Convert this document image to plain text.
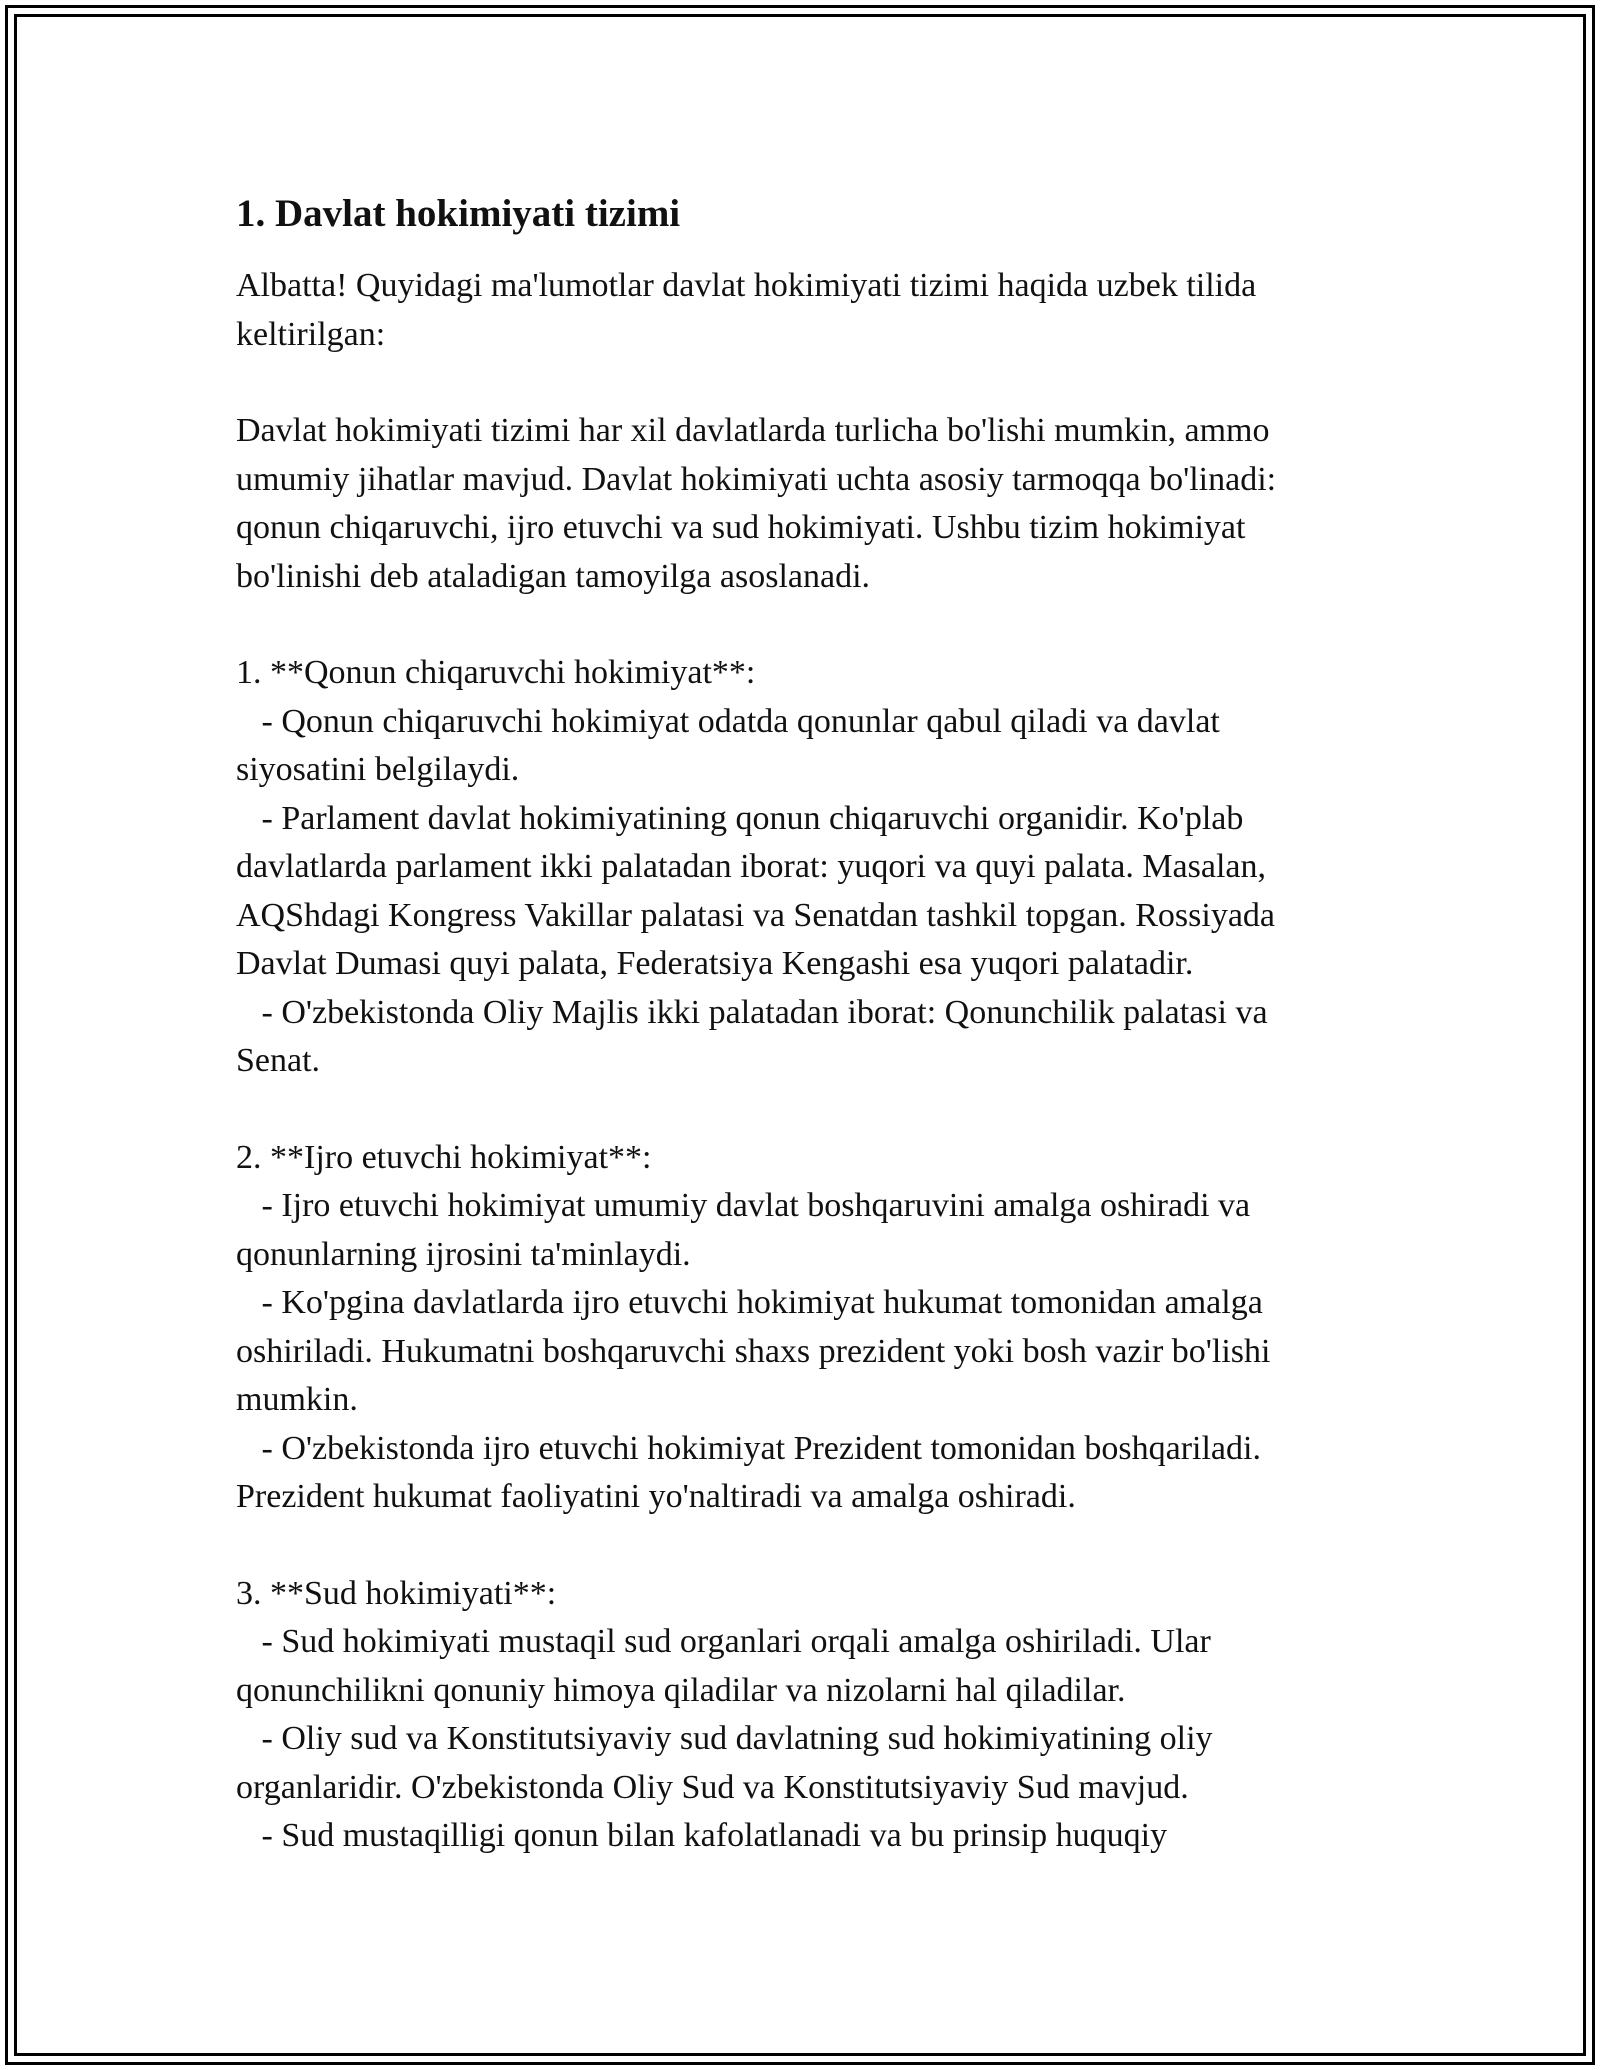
1. Davlat hokimiyati tizimi
Albatta! Quyidagi ma'lumotlar davlat hokimiyati tizimi haqida uzbek tilida
keltirilgan:
Davlat hokimiyati tizimi har xil davlatlarda turlicha bo'lishi mumkin, ammo
umumiy jihatlar mavjud. Davlat hokimiyati uchta asosiy tarmoqqa bo'linadi:
qonun chiqaruvchi, ijro etuvchi va sud hokimiyati. Ushbu tizim hokimiyat
bo'linishi deb ataladigan tamoyilga asoslanadi.
1. **Qonun chiqaruvchi hokimiyat**:
- Qonun chiqaruvchi hokimiyat odatda qonunlar qabul qiladi va davlat
siyosatini belgilaydi.
- Parlament davlat hokimiyatining qonun chiqaruvchi organidir. Ko'plab
davlatlarda parlament ikki palatadan iborat: yuqori va quyi palata. Masalan,
AQShdagi Kongress Vakillar palatasi va Senatdan tashkil topgan. Rossiyada
Davlat Dumasi quyi palata, Federatsiya Kengashi esa yuqori palatadir.
- O'zbekistonda Oliy Majlis ikki palatadan iborat: Qonunchilik palatasi va
Senat.
2. **Ijro etuvchi hokimiyat**:
- Ijro etuvchi hokimiyat umumiy davlat boshqaruvini amalga oshiradi va
qonunlarning ijrosini ta'minlaydi.
- Ko'pgina davlatlarda ijro etuvchi hokimiyat hukumat tomonidan amalga
oshiriladi. Hukumatni boshqaruvchi shaxs prezident yoki bosh vazir bo'lishi
mumkin.
- O'zbekistonda ijro etuvchi hokimiyat Prezident tomonidan boshqariladi.
Prezident hukumat faoliyatini yo'naltiradi va amalga oshiradi.
3. **Sud hokimiyati**:
- Sud hokimiyati mustaqil sud organlari orqali amalga oshiriladi. Ular
qonunchilikni qonuniy himoya qiladilar va nizolarni hal qiladilar.
- Oliy sud va Konstitutsiyaviy sud davlatning sud hokimiyatining oliy
organlaridir. O'zbekistonda Oliy Sud va Konstitutsiyaviy Sud mavjud.
- Sud mustaqilligi qonun bilan kafolatlanadi va bu prinsip huquqiy
